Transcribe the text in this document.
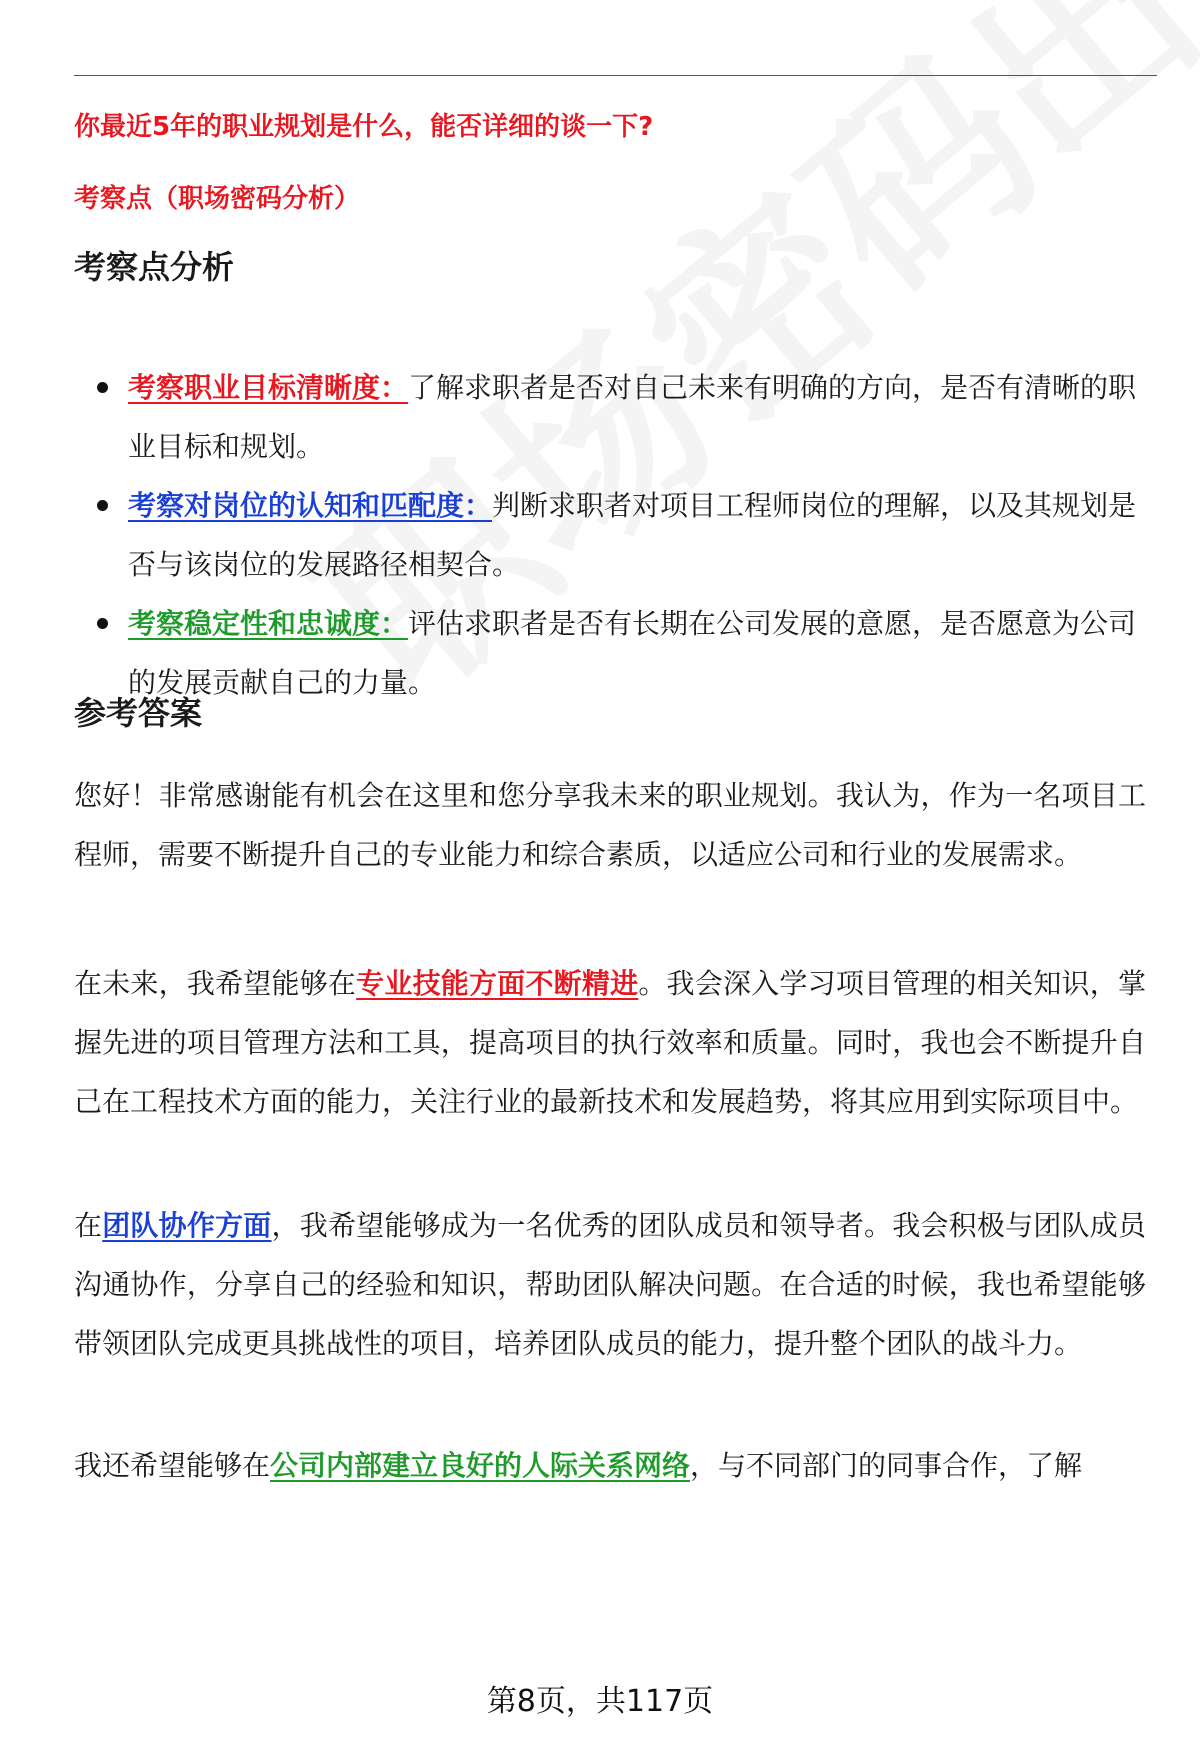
你最近5年的职业规划是什么，能否详细的谈一下?

考察点（职场密码分析）

考察点分析
考察职业目标清晰度：了解求职者是否对自己未来有明确的方向，是否有清晰的职业目标和规划。
考察对岗位的认知和匹配度：判断求职者对项目工程师岗位的理解，以及其规划是否与该岗位的发展路径相契合。
考察稳定性和忠诚度：评估求职者是否有长期在公司发展的意愿，是否愿意为公司的发展贡献自己的力量。
参考答案

您好！非常感谢能有机会在这里和您分享我未来的职业规划。我认为，作为一名项目工程师，需要不断提升自己的专业能力和综合素质，以适应公司和行业的发展需求。

在未来，我希望能够在专业技能方面不断精进。我会深入学习项目管理的相关知识，掌握先进的项目管理方法和工具，提高项目的执行效率和质量。同时，我也会不断提升自己在工程技术方面的能力，关注行业的最新技术和发展趋势，将其应用到实际项目中。

在团队协作方面，我希望能够成为一名优秀的团队成员和领导者。我会积极与团队成员沟通协作，分享自己的经验和知识，帮助团队解决问题。在合适的时候，我也希望能够带领团队完成更具挑战性的项目，培养团队成员的能力，提升整个团队的战斗力。

我还希望能够在公司内部建立良好的人际关系网络，与不同部门的同事合作，了解

第8页，共117页
